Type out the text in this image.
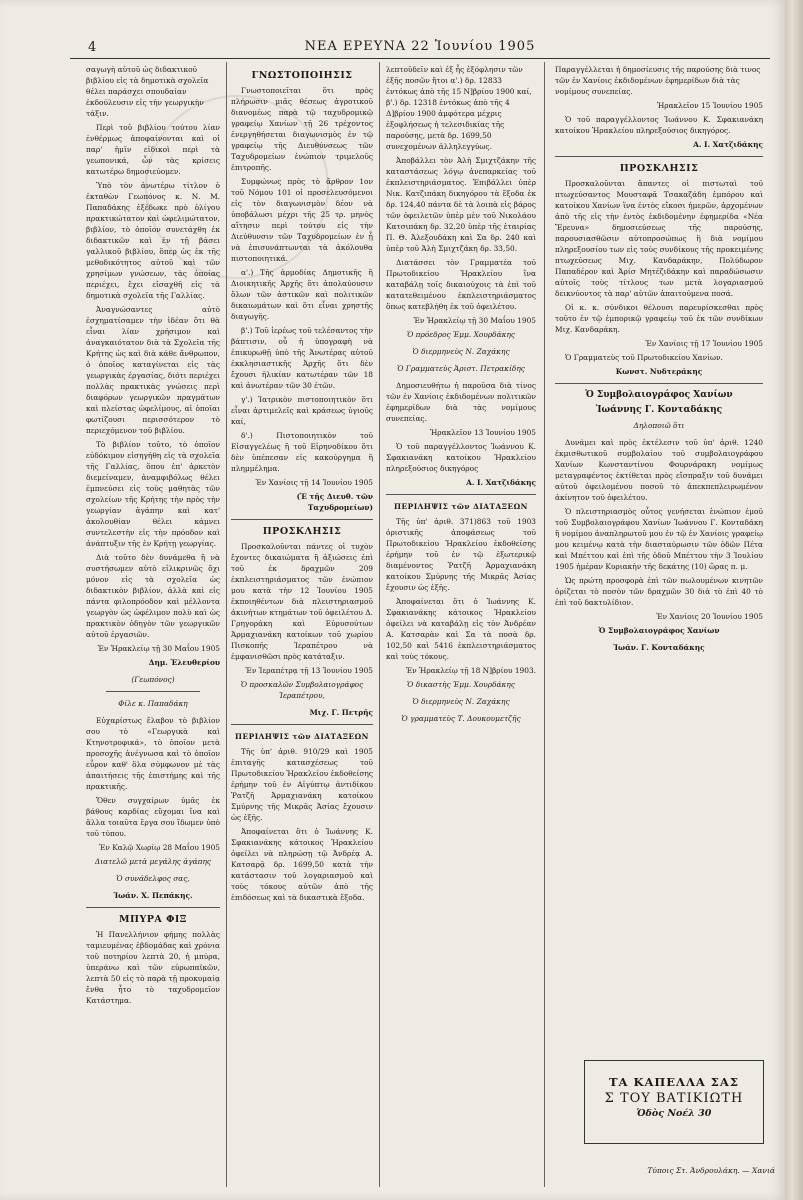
4	ΝΕΑ ΕΡΕΥΝΑ 22 Ἰουνίου 1905

σαγωγὴ αὐτοῦ ὡς διδακτικοῦ βιβλίου εἰς τὰ δημοτικὰ σχολεῖα θέλει παράσχει σπουδαίαν ἐκδούλευσιν εἰς τὴν γεωργικὴν τάξιν.

Περὶ τοῦ βιβλίου τούτου λίαν ἐνθέρμως ἀποφαίνονται καὶ οἱ παρ' ἡμῖν εἰδικοὶ περὶ τὰ γεωπονικά, ὧν τὰς κρίσεις κατωτέρω δημοσιεύομεν.

Ὑπὸ τὸν ἀνωτέρω τίτλον ὁ ἐκταθὼν Γεωπόνος κ. Ν. Μ. Παπαδάκης ἐξέδωκε πρὸ ὀλίγου πρακτικώτατον καὶ ὠφελιμώτατον, βιβλίον, τὸ ὁποῖον συνετάχθη ἐκ διδακτικῶν καὶ ἐν τῇ βάσει γαλλικοῦ βιβλίου, ὅπερ ὡς ἐκ τῆς μεθοδικότητος αὐτοῦ καὶ τῶν χρησίμων γνώσεων, τὰς ὁποίας περιέχει, ἔχει εἰσαχθῆ εἰς τὰ δημοτικὰ σχολεῖα τῆς Γαλλίας.

Ἀναγνώσαντες αὐτὸ ἐσχηματίσαμεν τὴν ἰδέαν ὅτι θὰ εἶναι λίαν χρήσιμον καὶ ἀναγκαιότατον διὰ τὰ Σχολεῖα τῆς Κρήτης ὡς καὶ διὰ κάθε ἄνθρωπον, ὁ ὁποῖος καταγίνεται εἰς τὰς γεωργικὰς ἐργασίας, διότι περιέχει πολλὰς πρακτικὰς γνώσεις περὶ διαφόρων γεωργικῶν πραγμάτων καὶ πλείστας ὠφελίμους, αἱ ὁποῖαι φωτίζουσι περισσότερον τὸ περιεχόμενον τοῦ βιβλίου.

Τὸ βιβλίον τοῦτο, τὸ ὁποῖον εὐδόκιμον εἰσηγήθη εἰς τὰ σχολεῖα τῆς Γαλλίας, ὅπου ἐπ' ἀρκετὸν διεμείναμεν, ἀναμφιβόλως θέλει ἐμπνεύσει εἰς τοὺς μαθητὰς τῶν σχολείων τῆς Κρήτης τὴν πρὸς τὴν γεωργίαν ἀγάπην καὶ κατ' ἀκολουθίαν θέλει κάμνει συντελεστὴν εἰς τὴν πρόοδον καὶ ἀνάπτυξιν τῆς ἐν Κρήτῃ γεωργίας.

Διὰ τοῦτο δὲν δυνάμεθα ἢ νὰ συστήσωμεν αὐτὸ εἰλικρινῶς ὄχι μόνον εἰς τὰ σχολεῖα ὡς διδακτικὸν βιβλίον, ἀλλὰ καὶ εἰς πάντα φιλοπρόοδον καὶ μέλλοντα γεωργὸν ὡς ὠφέλιμον πολὺ καὶ ὡς πρακτικὸν ὁδηγὸν τῶν γεωργικῶν αὐτοῦ ἐργασιῶν.

Ἐν Ἡρακλείῳ τῇ 30 Μαΐου 1905

Δημ. Ἐλευθερίου
(Γεωπόνος)
Φίλε κ. Παπαδάκη

Εὐχαρίστως ἔλαβον τὸ βιβλίον σου τὸ «Γεωργικὰ καὶ Κτηνοτροφικά», τὸ ὁποῖον μετὰ προσοχῆς ἀνέγνωσα καὶ τὸ ὁποῖον εὗρον καθ' ὅλα σύμφωνον μὲ τὰς ἀπαιτήσεις τῆς ἐπιστήμης καὶ τῆς πρακτικῆς.

Ὅθεν συγχαίρων ὑμᾶς ἐκ βάθους καρδίας εὔχομαι ἵνα καὶ ἄλλα τοιαῦτα ἔργα σου ἴδωμεν ὑπὸ τοῦ τύπου.

Ἐν Καλῷ Χωρίῳ 28 Μαΐου 1905

Διατελῶ μετὰ μεγάλης ἀγάπης
Ὁ συνάδελφος σας,
Ἰωάν. Χ. Πεπάκης.
ΜΠΥΡΑ ΦΙΞ

Ἡ Πανελλήνιον φήμης πολλὰς ταμιευμένας ἐβδομάδας καὶ χρόνια τοῦ ποτηρίου λεπτὰ 20, ἡ μπύρα, ὑπεράνω καὶ τῶν εὐρωπαϊκῶν, λεπτὰ 50 εἰς τὸ παρὰ τῇ προκυμαίᾳ ἔνθα ἦτο τὸ ταχυδρομεῖον Κατάστημα.

ΓΝΩΣΤΟΠΟΙΗΣΙΣ

Γνωστοποιεῖται ὅτι πρὸς πλήρωσιν μιᾶς θέσεως ἀγροτικοῦ διανομέως παρὰ τῷ ταχυδρομικῷ γραφείῳ Χανίων τῇ 26 τρέχοντος ἐνεργηθήσεται διαγωνισμὸς ἐν τῷ γραφείῳ τῆς Διευθύνσεως τῶν Ταχυδρομείων ἐνώπιον τριμελοῦς ἐπιτροπῆς.

Συμφώνως πρὸς τὸ ἄρθρον 1ον τοῦ Νόμου 101 οἱ προσελευσόμενοι εἰς τὸν διαγωνισμὸν δέον νὰ ὑποβάλωσι μέχρι τῆς 25 τρ. μηνὸς αἴτησιν περὶ τούτου εἰς τὴν Διεύθυνσιν τῶν Ταχυδρομείων ἐν ᾗ νὰ ἐπισυνάπτωνται τὰ ἀκόλουθα πιστοποιητικά.

α'.) Τῆς ἁρμοδίας Δημοτικῆς ἢ Διοικητικῆς Ἀρχῆς ὅτι ἀπολαύουσιν ὅλων τῶν ἀστικῶν καὶ πολιτικῶν δικαιωμάτων καὶ ὅτι εἶναι χρηστῆς διαγωγῆς.

β'.) Τοῦ ἱερέως τοῦ τελέσαντος τὴν βάπτισιν, οὗ ἡ ὑπογραφὴ νὰ ἐπικυρωθῇ ὑπὸ τῆς Ἀνωτέρας αὐτοῦ ἐκκλησιαστικῆς Ἀρχῆς ὅτι δὲν ἔχουσι ἡλικίαν κατωτέραν τῶν 18 καὶ ἀνωτέραν τῶν 30 ἐτῶν.

γ'.) Ἰατρικὸν πιστοποιητικὸν ὅτι εἶναι ἀρτιμελεῖς καὶ κράσεως ὑγιοῦς καί,

δ'.) Πιστοποιητικὸν τοῦ Εἰσαγγελέως ἢ τοῦ Εἰρηνοδίκου ὅτι δὲν ὑπέπεσαν εἰς κακούργημα ἢ πλημμέλημα.

Ἐν Χανίοις τῇ 14 Ἰουνίου 1905

(Ἐ τῆς Διευθ. τῶν Ταχυδρομείων)
ΠΡΟΣΚΛΗΣΙΣ

Προσκαλοῦνται πάντες οἱ τυχὸν ἔχοντες δικαιώματα ἢ ἀξιώσεις ἐπὶ τοῦ ἐκ δραχμῶν 209 ἐκπλειστηριάσματος τῶν ἐνώπιον μου κατὰ τὴν 12 Ἰουνίου 1905 ἐκποιηθέντων διὰ πλειστηριασμοῦ ἀκινήτων κτημάτων τοῦ ὀφειλέτου Δ. Γρηγοράκη καὶ Εὐρυσούτων Ἁρμαχιανάκη κατοίκων τοῦ χωρίου Πισκοπῆς Ἱεραπέτρου νὰ ἐμφανισθῶσι πρὸς κατάταξιν.

Ἐν Ἱεραπέτρᾳ τῇ 13 Ἰουνίου 1905

Ὁ προσκαλῶν Συμβολαιογράφος Ἱεραπέτρου,
Μιχ. Γ. Πετρῆς
ΠΕΡΙΛΗΨΙΣ τῶν ΔΙΑΤΑΞΕΩΝ

Τῆς ὑπ' ἀριθ. 910/29 καὶ 1905 ἐπιταγῆς κατασχέσεως τοῦ Πρωτοδικείου Ἡρακλείου ἐκδοθείσης ἐρήμην τοῦ ἐν Αἰγύπτῳ ἀντιδίκου Ῥατζῆ Ἀρμαχιανάκη κατοίκου Σμύρνης τῆς Μικρᾶς Ἀσίας ἔχουσιν ὡς ἑξῆς.

Ἀποφαίνεται ὅτι ὁ Ἰωάννης Κ. Σφακιανάκης κάτοικος Ἡρακλείου ὀφείλει νὰ πληρώσῃ τῷ Ἀνδρέᾳ Α. Κατσαρᾷ δρ. 1699,50 κατὰ τὴν κατάστασιν τοῦ λογαριασμοῦ καὶ τοὺς τόκους αὐτῶν ἀπὸ τῆς ἐπιδόσεως καὶ τὰ δικαστικὰ ἔξοδα.

λεπτοῦδεῖν καὶ ἐξ ἧς ἐξόφλησιν τῶν ἐξῆς ποσῶν ἤτοι α'.) δρ. 12833 ἐντόκως ἀπὸ τῆς 15 Ν]βρίου 1900 καί, β'.) δρ. 12318 ἐντόκως ἀπὸ τῆς 4 Δ]βρίου 1900 ἀμφότερα μέχρις ἐξοφλήσεως ἡ τελεσιδικίας τῆς παρούσης, μετὰ δρ. 1699,50 συνεχομένων ἀλληλεγγύως.

Ἀποβάλλει τὸν Ἀλὴ Σμιχτζάκην τῆς καταστάσεως λόγῳ ἀνεπαρκείας τοῦ ἐκπλειστηριάσματος. Ἐπιβάλλει ὑπὲρ Νικ. Κατζιπάκη δικηγόρου τὰ ἔξοδα ἐκ δρ. 124,40 πάντα δὲ τὰ λοιπὰ εἰς βάρος τῶν ὀφειλετῶν ὑπὲρ μὲν τοῦ Νικολάου Κατσιπάκη δρ. 32,20 ὑπὲρ τῆς ἑταιρίας Π. Θ. Ἀλεξουδάκη καὶ Σα δρ. 240 καὶ ὑπὲρ τοῦ Ἀλὴ Σμιχτζάκη δρ. 33,50.

Διατάσσει τὸν Γραμματέα τοῦ Πρωτοδικείου Ἡρακλείου ἵνα καταβάλῃ τοῖς δικαιούχοις τὰ ἐπὶ τοῦ κατατεθειμένου ἐκπλειστηριάσματος ὅπως κατεβλήθη ἐκ τοῦ ὀφειλέτου.

Ἐν Ἡρακλείῳ τῇ 30 Μαΐου 1905

Ὁ πρόεδρος Ἐμμ. Χουρδάκης
Ὁ διερμηνεὺς Ν. Ζαχάκης
Ὁ Γραμματεὺς Ἀριστ. Πετρακίδης

Δημοσιευθήτω ἡ παροῦσα διὰ τίνος τῶν ἐν Χανίοις ἐκδιδομένων πολιτικῶν ἐφημερίδων διὰ τὰς νομίμους συνεπείας.

Ἡρακλεῖον 13 Ἰουνίου 1905

Ὁ τοῦ παραγγέλλοντος Ἰωάννου Κ. Σφακιανάκη κατοίκου Ἡρακλείου πληρεξούσιος δικηγόρος

Α. Ι. Χατζιδάκης
ΠΕΡΙΛΗΨΙΣ τῶν ΔΙΑΤΑΞΕΩΝ

Τῆς ὑπ' ἀριθ. 371)863 τοῦ 1903 ὁριστικῆς ἀποφάσεως τοῦ Πρωτοδικείου Ἡρακλείου ἐκδοθείσης ἐρήμην τοῦ ἐν τῷ ἐξωτερικῷ διαμένοντος Ῥατζῆ Ἀρμαχιανάκη κατοίκου Σμύρνης τῆς Μικρᾶς Ἀσίας ἔχουσιν ὡς ἑξῆς.

Ἀποφαίνεται ὅτι ὁ Ἰωάννης Κ. Σφακιανάκης κάτοικος Ἡρακλείου ὀφείλει νὰ καταβάλῃ εἰς τὸν Ἀνδρέαν Α. Κατσαρὰν καὶ Σα τὰ ποσὰ δρ. 102,50 καὶ 5416 ἐκπλειστηριάσματος καὶ τοὺς τόκους.

Ἐν Ἡρακλείῳ τῇ 18 Ν]βρίου 1903.

Ὁ δικαστὴς Ἐμμ. Χουρδάκης
Ὁ διερμηνεὺς Ν. Ζαχάκης
Ὁ γραμματεὺς Τ. Δουκουμετζῆς

Παραγγέλλεται ἡ δημοσίευσις τῆς παρούσης διὰ τινος τῶν ἐν Χανίοις ἐκδιδομένων ἐφημερίδων διὰ τὰς νομίμους συνεπείας.

Ἡρακλεῖον 15 Ἰουνίου 1905

Ὁ τοῦ παραγγέλλοντος Ἰωάννου Κ. Σφακιανάκη κατοίκου Ἡρακλείου πληρεξούσιος δικηγόρος.

Α. Ι. Χατζιδάκης
ΠΡΟΣΚΛΗΣΙΣ

Προσκαλοῦνται ἅπαντες οἱ πιστωταὶ τοῦ πτωχεύσαντος Μουσταφᾶ Τσακαζάδη ἐμπόρου καὶ κατοίκου Χανίων ἵνα ἐντὸς εἴκοσι ἡμερῶν, ἀρχομένων ἀπὸ τῆς εἰς τὴν ἐντὸς ἐκδιδομένην ἐφημερίδα «Νέα Ἔρευνα» δημοσιεύσεως τῆς παρούσης, παρουσιασθῶσιν αὐτοπροσώπως ἢ διὰ νομίμου πληρεξουσίου των εἰς τοὺς συνδίκους τῆς προκειμένης πτωχεύσεως Μιχ. Κανδαράκην, Πολύδωρον Παπαδέρον καὶ Ἀρίσ Μητέζιδάκην καὶ παραδώσωσιν αὐτοῖς τοὺς τίτλους των μετὰ λογαριασμοῦ δεικνύοντος τὰ παρ' αὐτῶν ἀπαιτούμενα ποσά.

Οἱ κ. κ. σύνδικοι θέλουσι παρευρίσκεσθαι πρὸς τοῦτο ἐν τῷ ἐμπορικῷ γραφείῳ τοῦ ἐκ τῶν συνδίκων Μιχ. Κανδαράκη.

Ἐν Χανίοις τῇ 17 Ἰουνίου 1905

Ὁ Γραμματεὺς τοῦ Πρωτοδικείου Χανίων.

Κωνστ. Νυδτεράκης
Ὁ Συμβολαιογράφος Χανίων
Ἰωάννης Γ. Κονταδάκης
Δηλοποιῶ ὅτι

Δυνάμει καὶ πρὸς ἐκτέλεσιν τοῦ ὑπ' ἀριθ. 1240 ἐκμισθωτικοῦ συμβολαίου τοῦ συμβολαιογράφου Χανίων Κωνσταντίνου Φουρνάρακη νομίμως μεταγραφέντος ἐκτίθεται πρὸς εἴσπραξιν τοῦ δυνάμει αὐτοῦ ὀφειλομένου ποσοῦ τὸ ἀπεκπεπλειρωμένον ἀκίνητον τοῦ ὀφειλέτου.

Ὁ πλειστηριασμὸς οὗτος γενήσεται ἐνώπιον ἐμοῦ τοῦ Συμβολαιογράφου Χανίων Ἰωάννου Γ. Κονταδάκη ἢ νομίμου ἀναπληρωτοῦ μου ἐν τῷ ἐν Χανίοις γραφείῳ μου κειμένῳ κατὰ τὴν διασταύρωσιν τῶν ὁδῶν Πέτα καὶ Μπέττου καὶ ἐπὶ τῆς ὁδοῦ Μπέττου τὴν 3 Ἰουλίου 1905 ἡμέραν Κυριακὴν τῆς δεκάτης (10) ὥρας π. μ.

Ὡς πρώτη προσφορὰ ἐπὶ τῶν πωλουμένων κινητῶν ὁρίζεται τὸ ποσὸν τῶν δραχμῶν 30 διὰ τὸ ἐπὶ 40 τὸ ἐπὶ τοῦ δακτυλίδιον.

Ἐν Χανίοις 20 Ἰουνίου 1905

Ὁ Συμβολαιογράφος Χανίων
Ἰωάν. Γ. Κονταδάκης
ΤΑ ΚΑΠΕΛΛΑ ΣΑΣ
Σ ΤΟΥ ΒΑΤΙΚΙΩΤΗ
Ὁδὸς Νοέλ 30
Τύποις Στ. Ἀνδρουλάκη. — Χανιά
